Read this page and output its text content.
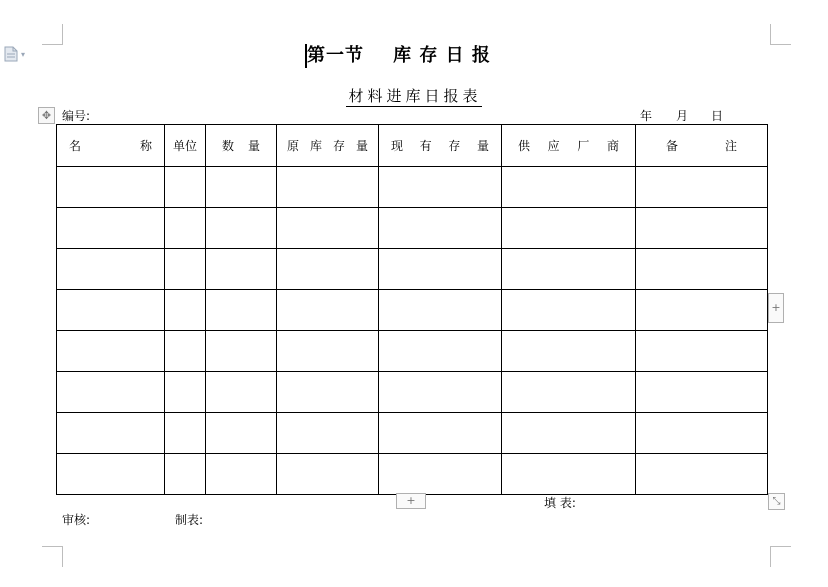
▾	第一节    库 存 日 报
材料进库日报表
✥ 编号:	年 月 日
名 称	单位	数 量	原 库 存 量	现 有 存 量	供 应 厂 商	备 注

+
+	⤡
填 表:
审核:	制表:
